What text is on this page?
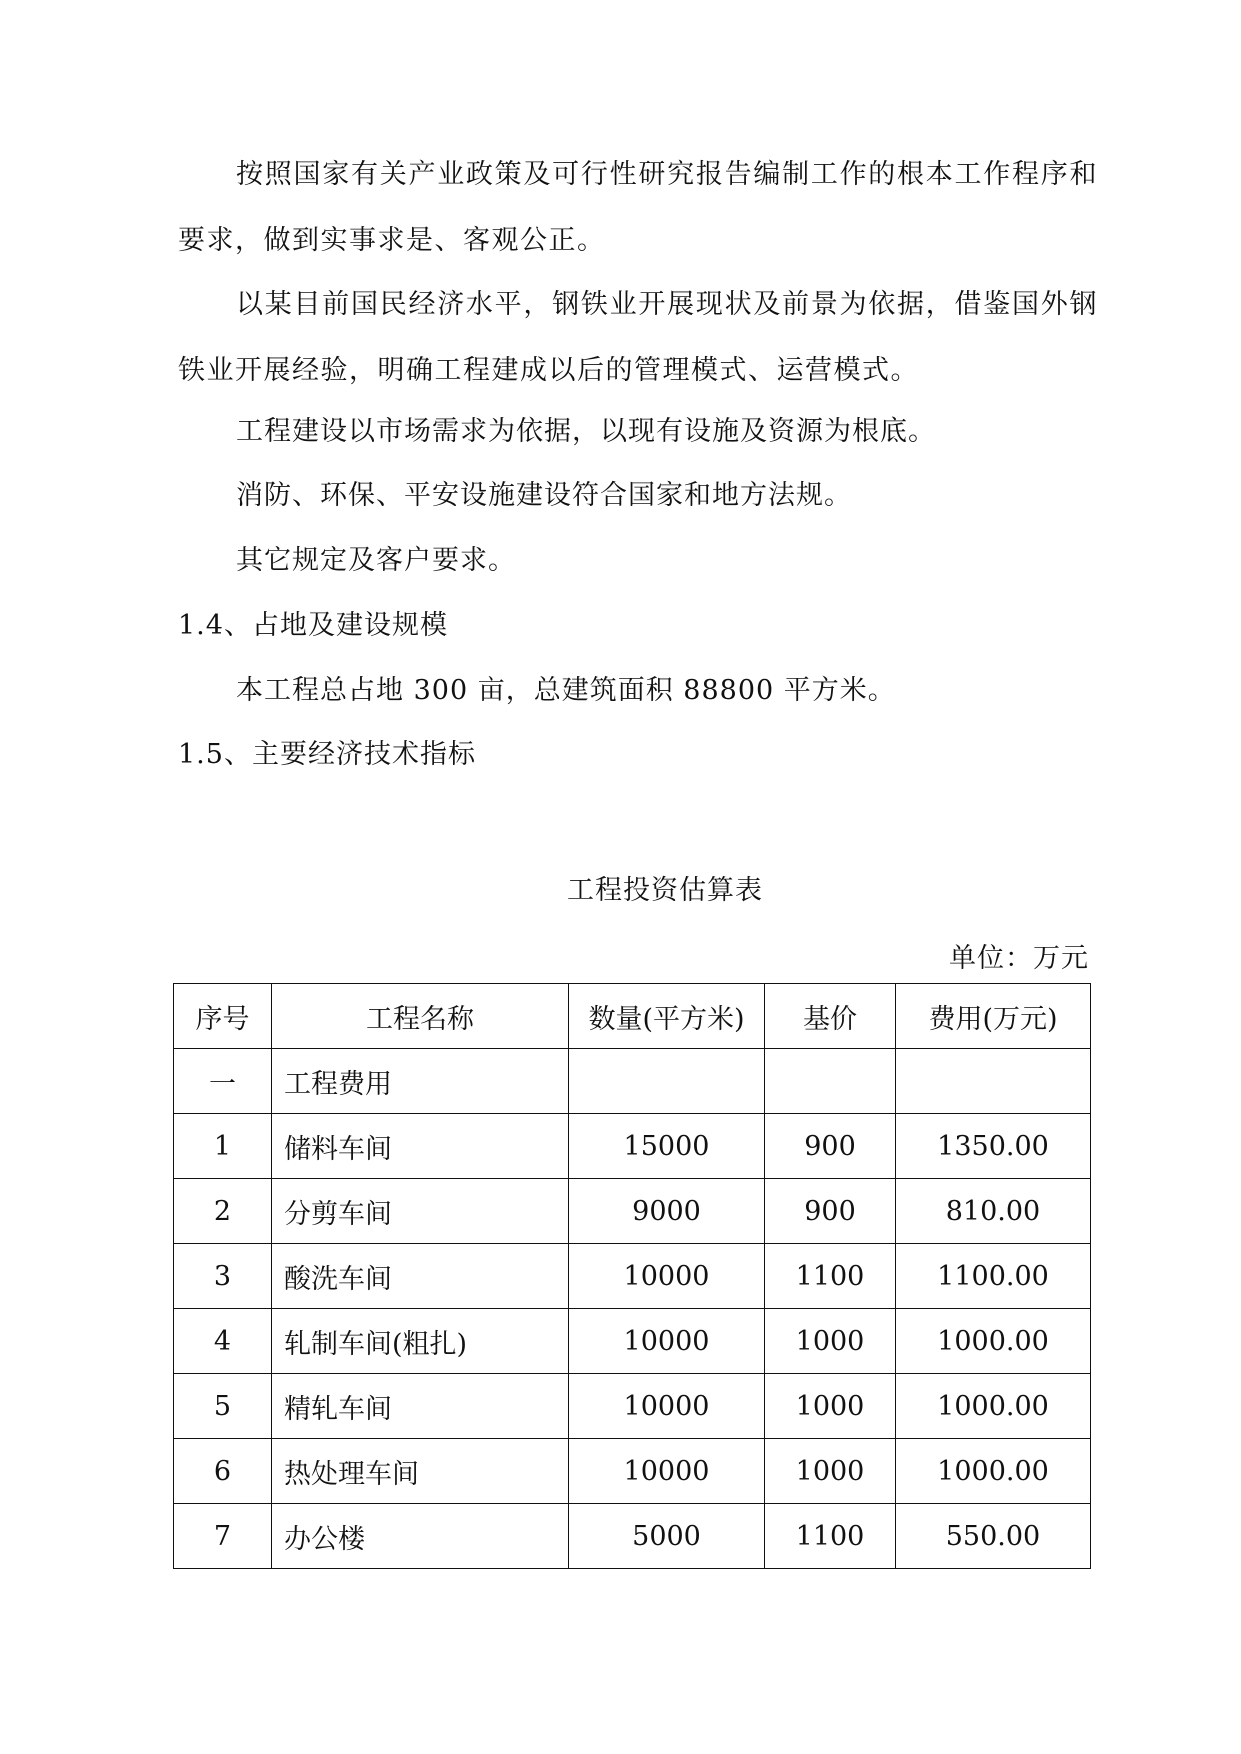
按照国家有关产业政策及可行性研究报告编制工作的根本工作程序和要求，做到实事求是、客观公正。
以某目前国民经济水平，钢铁业开展现状及前景为依据，借鉴国外钢铁业开展经验，明确工程建成以后的管理模式、运营模式。
工程建设以市场需求为依据，以现有设施及资源为根底。
消防、环保、平安设施建设符合国家和地方法规。
其它规定及客户要求。
1.4、占地及建设规模
本工程总占地 300 亩，总建筑面积 88800 平方米。
1.5、主要经济技术指标
工程投资估算表
单位：万元
序号	工程名称	数量(平方米)	基价	费用(万元)
一	工程费用			
1	储料车间	15000	900	1350.00
2	分剪车间	9000	900	810.00
3	酸洗车间	10000	1100	1100.00
4	轧制车间(粗扎)	10000	1000	1000.00
5	精轧车间	10000	1000	1000.00
6	热处理车间	10000	1000	1000.00
7	办公楼	5000	1100	550.00
